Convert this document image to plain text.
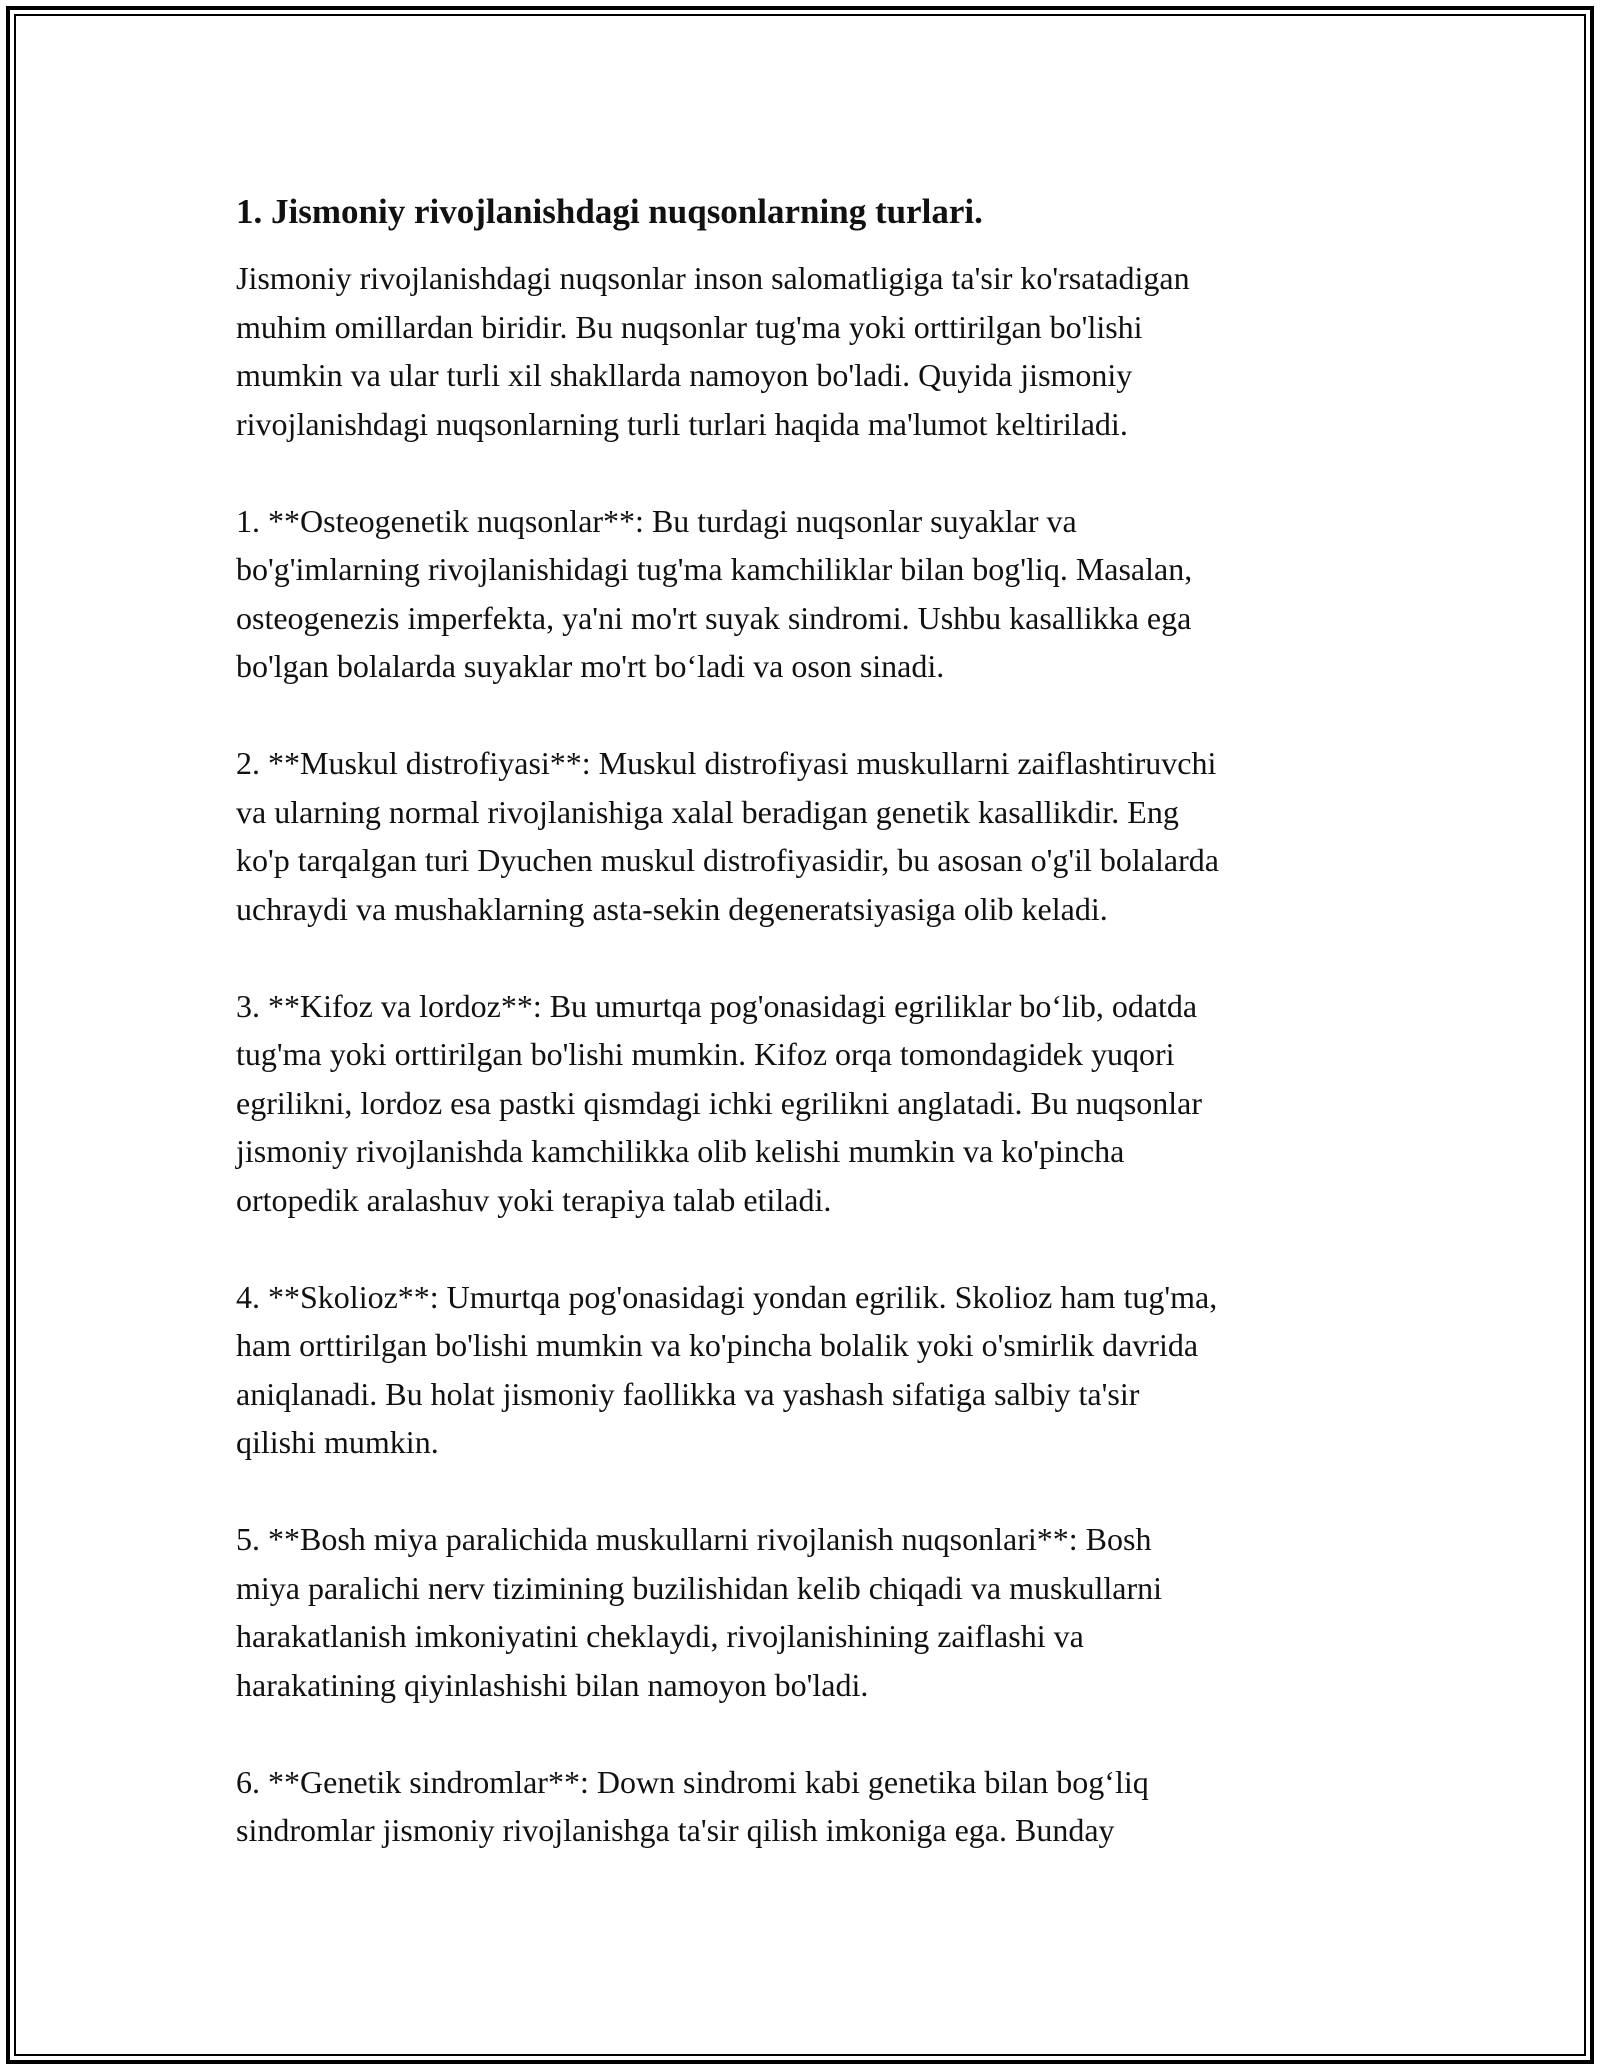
1. Jismoniy rivojlanishdagi nuqsonlarning turlari.
Jismoniy rivojlanishdagi nuqsonlar inson salomatligiga ta'sir ko'rsatadigan
muhim omillardan biridir. Bu nuqsonlar tug'ma yoki orttirilgan bo'lishi
mumkin va ular turli xil shakllarda namoyon bo'ladi. Quyida jismoniy
rivojlanishdagi nuqsonlarning turli turlari haqida ma'lumot keltiriladi.
1. **Osteogenetik nuqsonlar**: Bu turdagi nuqsonlar suyaklar va
bo'g'imlarning rivojlanishidagi tug'ma kamchiliklar bilan bog'liq. Masalan,
osteogenezis imperfekta, ya'ni mo'rt suyak sindromi. Ushbu kasallikka ega
bo'lgan bolalarda suyaklar mo'rt bo‘ladi va oson sinadi.
2. **Muskul distrofiyasi**: Muskul distrofiyasi muskullarni zaiflashtiruvchi
va ularning normal rivojlanishiga xalal beradigan genetik kasallikdir. Eng
ko'p tarqalgan turi Dyuchen muskul distrofiyasidir, bu asosan o'g'il bolalarda
uchraydi va mushaklarning asta-sekin degeneratsiyasiga olib keladi.
3. **Kifoz va lordoz**: Bu umurtqa pog'onasidagi egriliklar bo‘lib, odatda
tug'ma yoki orttirilgan bo'lishi mumkin. Kifoz orqa tomondagidek yuqori
egrilikni, lordoz esa pastki qismdagi ichki egrilikni anglatadi. Bu nuqsonlar
jismoniy rivojlanishda kamchilikka olib kelishi mumkin va ko'pincha
ortopedik aralashuv yoki terapiya talab etiladi.
4. **Skolioz**: Umurtqa pog'onasidagi yondan egrilik. Skolioz ham tug'ma,
ham orttirilgan bo'lishi mumkin va ko'pincha bolalik yoki o'smirlik davrida
aniqlanadi. Bu holat jismoniy faollikka va yashash sifatiga salbiy ta'sir
qilishi mumkin.
5. **Bosh miya paralichida muskullarni rivojlanish nuqsonlari**: Bosh
miya paralichi nerv tizimining buzilishidan kelib chiqadi va muskullarni
harakatlanish imkoniyatini cheklaydi, rivojlanishining zaiflashi va
harakatining qiyinlashishi bilan namoyon bo'ladi.
6. **Genetik sindromlar**: Down sindromi kabi genetika bilan bog‘liq
sindromlar jismoniy rivojlanishga ta'sir qilish imkoniga ega. Bunday
